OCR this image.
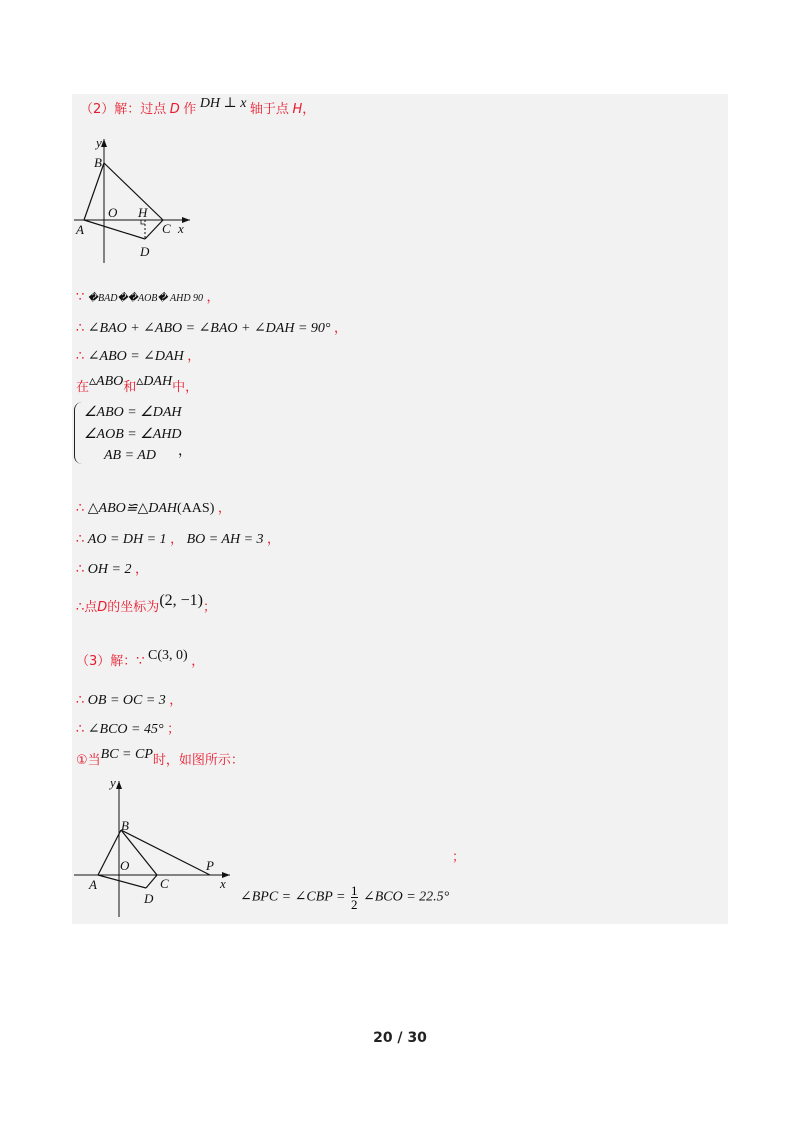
（2）解：过点 D 作 DH ⊥ x 轴于点 H，
y
B
O H
A	C x
D
∵ �BAD��AOB� AHD 90 ，
∴ ∠BAO + ∠ABO = ∠BAO + ∠DAH = 90° ，
∴ ∠ABO = ∠DAH ，
在▵ABO和▵DAH中，
∠ABO = ∠DAH
∠AOB = ∠AHD
AB = AD ，
∴ △ABO≌△DAH(AAS) ，
∴ AO = DH = 1 ， BO = AH = 3 ，
∴ OH = 2 ，
∴点D的坐标为(2, −1)；
（3）解：∵ C(3, 0) ，
∴ OB = OC = 3 ，
∴ ∠BCO = 45° ；
①当BC = CP时，如图所示：
y
B
O	P
A	C	x
D
；
∠BPC = ∠CBP = $\frac{1}{2}$ ∠BCO = 22.5°
20 / 30
